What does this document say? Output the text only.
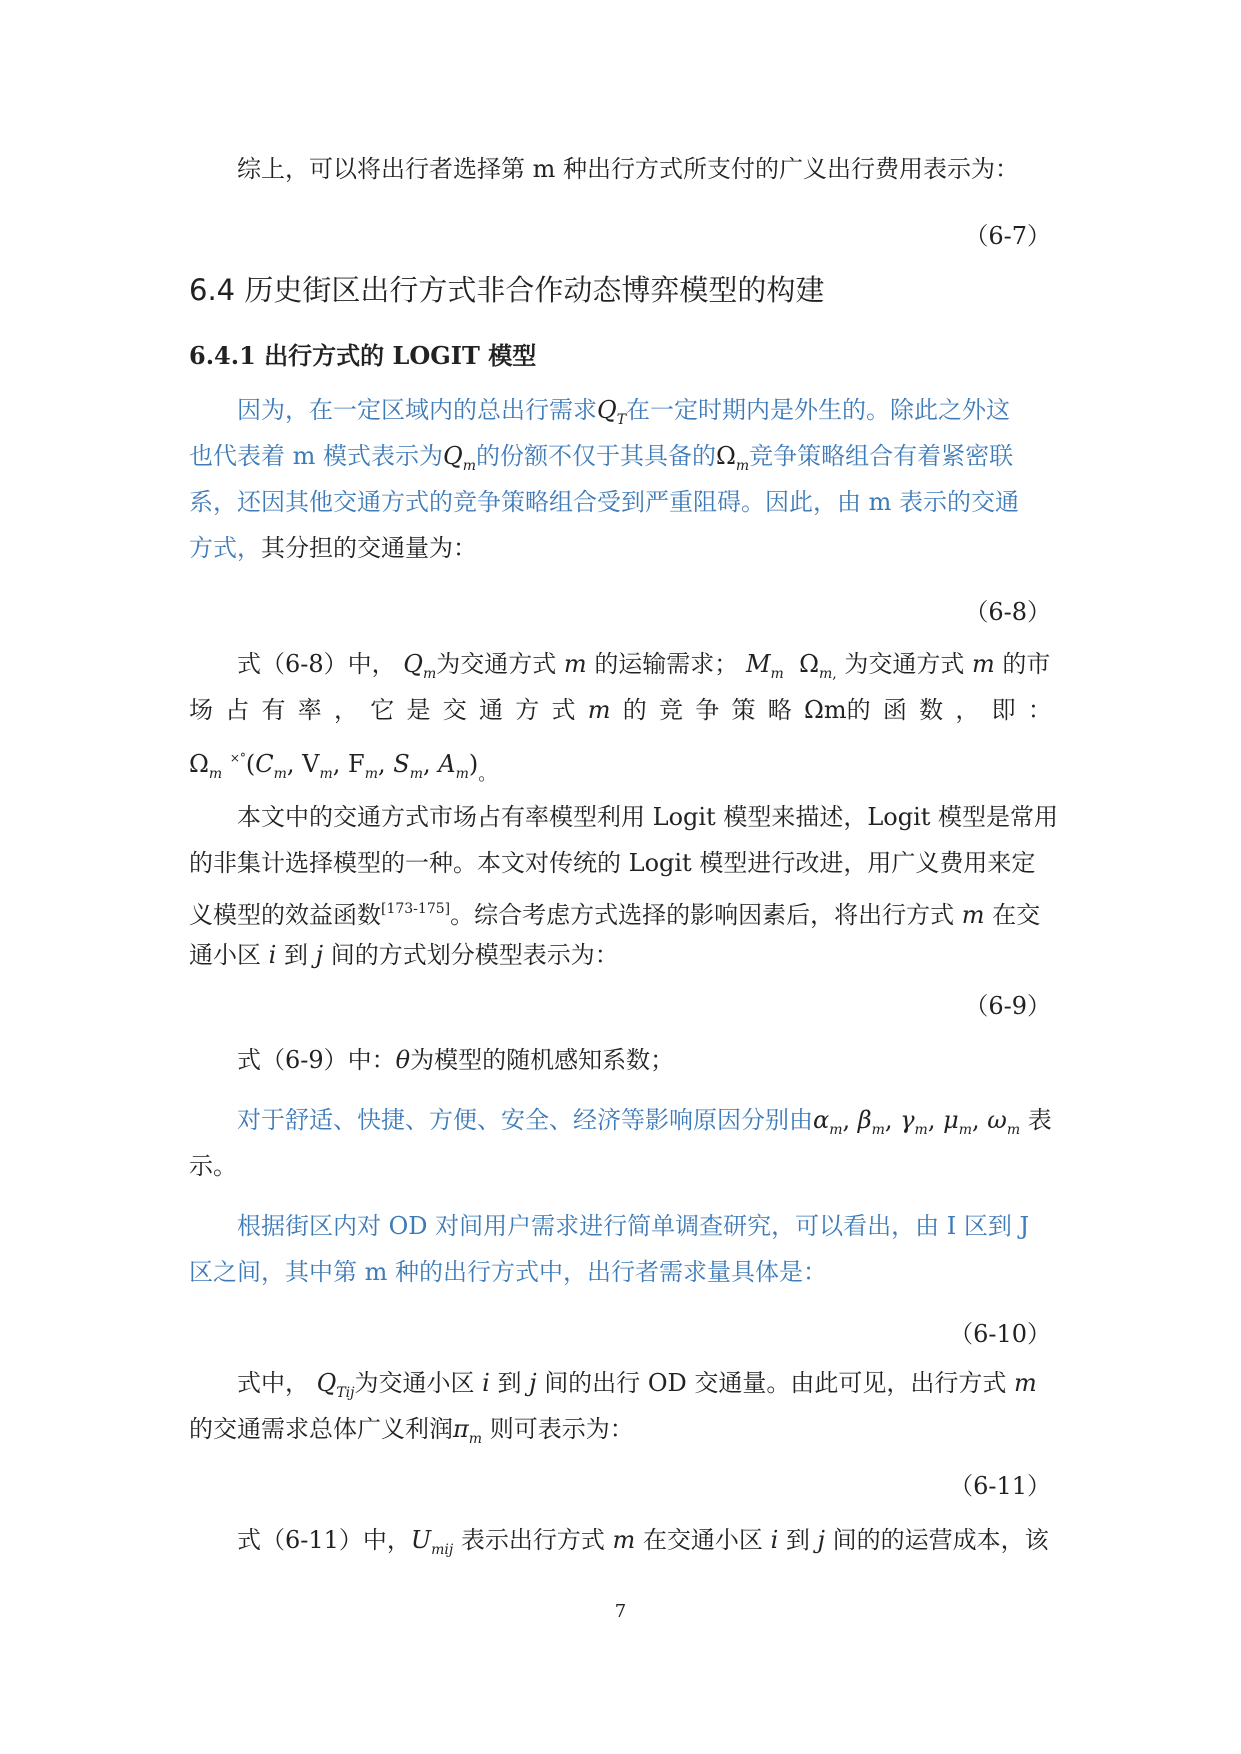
综上，可以将出行者选择第 m 种出行方式所支付的广义出行费用表示为：
（6-7）
6.4 历史街区出行方式非合作动态博弈模型的构建
6.4.1 出行方式的 LOGIT 模型
因为，在一定区域内的总出行需求$Q_T$在一定时期内是外生的。除此之外这
也代表着 m 模式表示为$Q_m$的份额不仅于其具备的$\Omega_m$竞争策略组合有着紧密联
系，还因其他交通方式的竞争策略组合受到严重阻碍。因此，由 m 表示的交通
方式，其分担的交通量为：
（6-8）
式（6-8）中， $Q_m$为交通方式 m 的运输需求； $M_m$  $\Omega_{m,}$ 为交通方式 m 的市
场 占 有 率 ， 它 是 交 通 方 式 m 的 竞 争 策 略 Ωm的 函 数 ， 即 ：
$\Omega_m$ $^{\times^\circ}(C_m$, $V_m$, $F_m$, $S_m$, $A_m)_。$
本文中的交通方式市场占有率模型利用 Logit 模型来描述，Logit 模型是常用
的非集计选择模型的一种。本文对传统的 Logit 模型进行改进，用广义费用来定
义模型的效益函数[173-175]。综合考虑方式选择的影响因素后，将出行方式 m 在交
通小区 i 到 j 间的方式划分模型表示为：
（6-9）
式（6-9）中：θ为模型的随机感知系数；
对于舒适、快捷、方便、安全、经济等影响原因分别由$\alpha_m$, $\beta_m$, $\gamma_m$, $\mu_m$, $\omega_m$ 表
示。
根据街区内对 OD 对间用户需求进行简单调查研究，可以看出，由 I 区到 J
区之间，其中第 m 种的出行方式中，出行者需求量具体是：
（6-10）
式中， $Q_{Tij}$为交通小区 i 到 j 间的出行 OD 交通量。由此可见，出行方式 m
的交通需求总体广义利润$\pi_m$ 则可表示为：
（6-11）
式（6-11）中，$U_{mij}$ 表示出行方式 m 在交通小区 i 到 j 间的的运营成本，该
7
